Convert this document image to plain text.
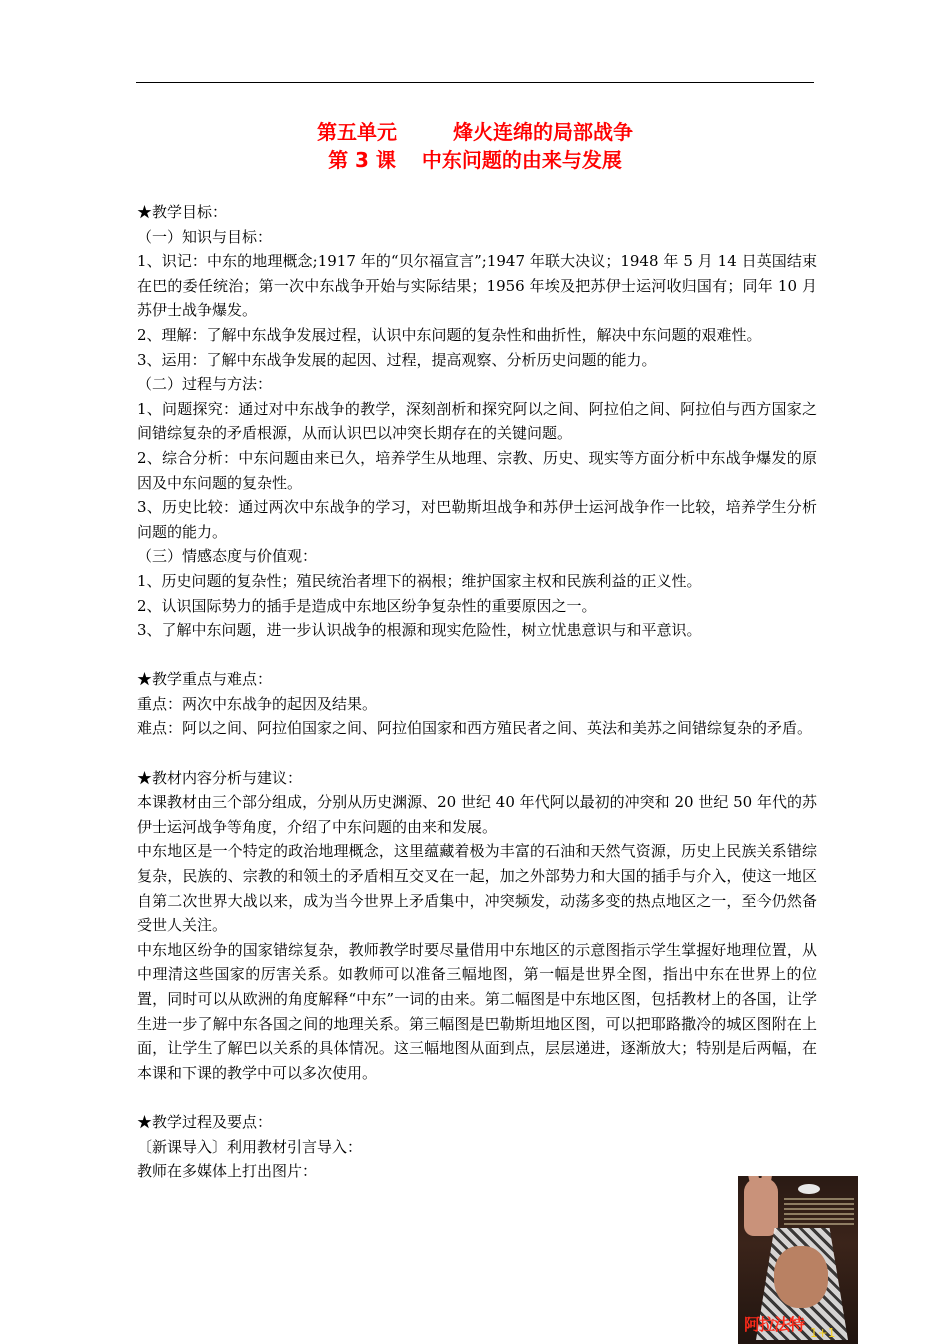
第五单元	烽火连绵的局部战争
第 3 课 中东问题的由来与发展

★教学目标：

（一）知识与目标：

1、识记：中东的地理概念;1917 年的“贝尔福宣言”;1947 年联大决议；1948 年 5 月 14 日英国结束在巴的委任统治；第一次中东战争开始与实际结果；1956 年埃及把苏伊士运河收归国有；同年 10 月苏伊士战争爆发。

2、理解：了解中东战争发展过程，认识中东问题的复杂性和曲折性，解决中东问题的艰难性。

3、运用：了解中东战争发展的起因、过程，提高观察、分析历史问题的能力。

（二）过程与方法：

1、问题探究：通过对中东战争的教学，深刻剖析和探究阿以之间、阿拉伯之间、阿拉伯与西方国家之间错综复杂的矛盾根源，从而认识巴以冲突长期存在的关键问题。

2、综合分析：中东问题由来已久，培养学生从地理、宗教、历史、现实等方面分析中东战争爆发的原因及中东问题的复杂性。

3、历史比较：通过两次中东战争的学习，对巴勒斯坦战争和苏伊士运河战争作一比较，培养学生分析问题的能力。

（三）情感态度与价值观：

1、历史问题的复杂性；殖民统治者埋下的祸根；维护国家主权和民族利益的正义性。

2、认识国际势力的插手是造成中东地区纷争复杂性的重要原因之一。

3、了解中东问题，进一步认识战争的根源和现实危险性，树立忧患意识与和平意识。

★教学重点与难点：

重点：两次中东战争的起因及结果。

难点：阿以之间、阿拉伯国家之间、阿拉伯国家和西方殖民者之间、英法和美苏之间错综复杂的矛盾。

★教材内容分析与建议：

本课教材由三个部分组成，分别从历史渊源、20 世纪 40 年代阿以最初的冲突和 20 世纪 50 年代的苏伊士运河战争等角度，介绍了中东问题的由来和发展。

中东地区是一个特定的政治地理概念，这里蕴藏着极为丰富的石油和天然气资源，历史上民族关系错综复杂，民族的、宗教的和领土的矛盾相互交叉在一起，加之外部势力和大国的插手与介入，使这一地区自第二次世界大战以来，成为当今世界上矛盾集中，冲突频发，动荡多变的热点地区之一，至今仍然备受世人关注。

中东地区纷争的国家错综复杂，教师教学时要尽量借用中东地区的示意图指示学生掌握好地理位置，从中理清这些国家的厉害关系。如教师可以准备三幅地图，第一幅是世界全图，指出中东在世界上的位置，同时可以从欧洲的角度解释“中东”一词的由来。第二幅图是中东地区图，包括教材上的各国，让学生进一步了解中东各国之间的地理关系。第三幅图是巴勒斯坦地区图，可以把耶路撒冷的城区图附在上面，让学生了解巴以关系的具体情况。这三幅地图从面到点，层层递进，逐渐放大；特别是后两幅，在本课和下课的教学中可以多次使用。

★教学过程及要点：

〔新课导入〕利用教材引言导入：

教师在多媒体上打出图片：

阿拉法特 1+1
